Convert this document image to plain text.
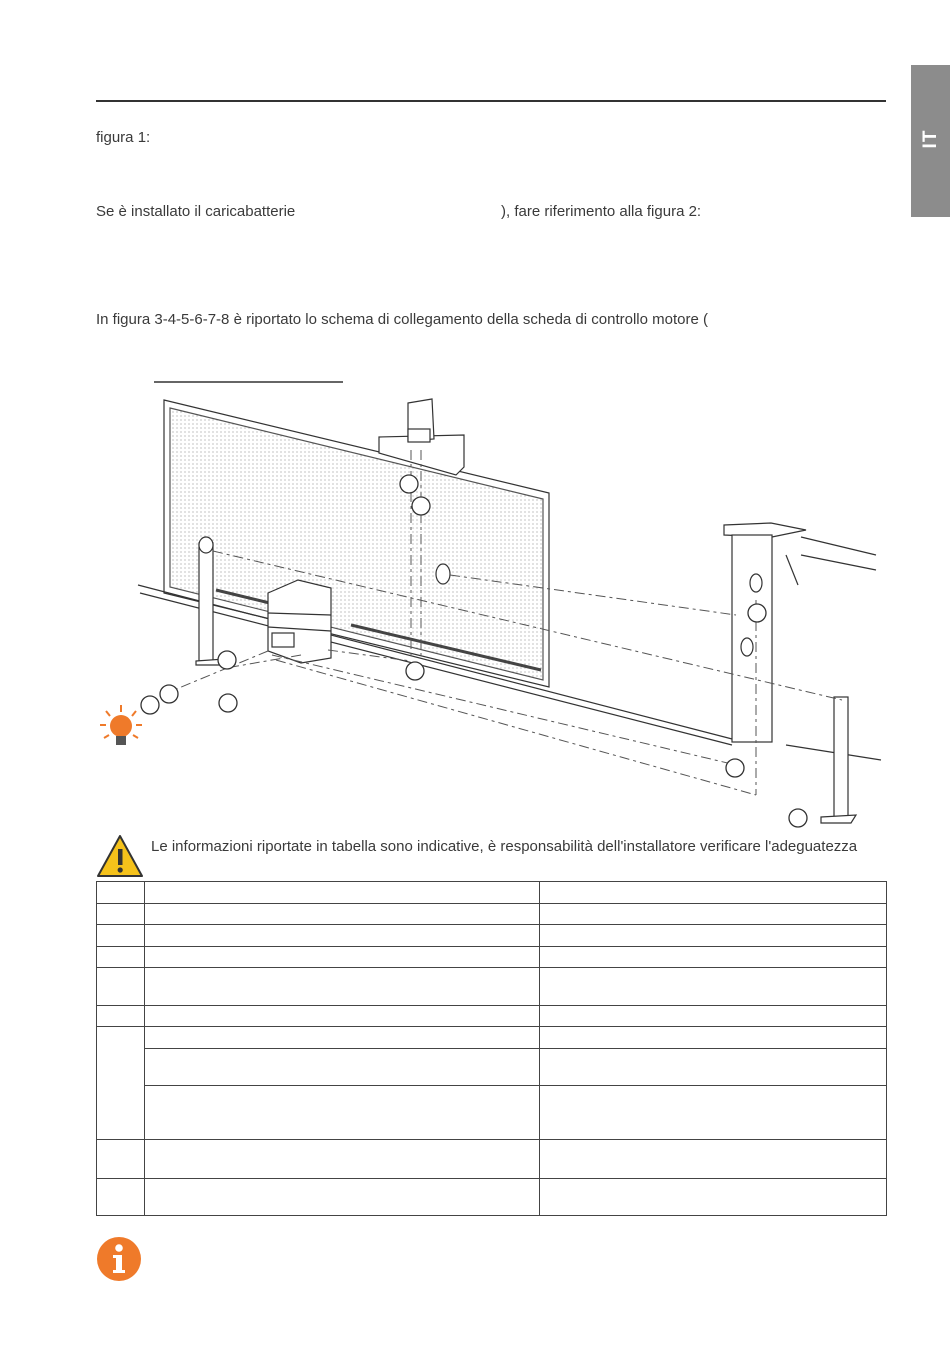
IT
figura 1:
Se è installato il caricabatterie	), fare riferimento alla figura 2:
In figura 3-4-5-6-7-8 è riportato lo schema di collegamento della scheda di controllo motore (
Le informazioni riportate in tabella sono indicative, è responsabilità dell'installatore verificare l'adeguatezza
